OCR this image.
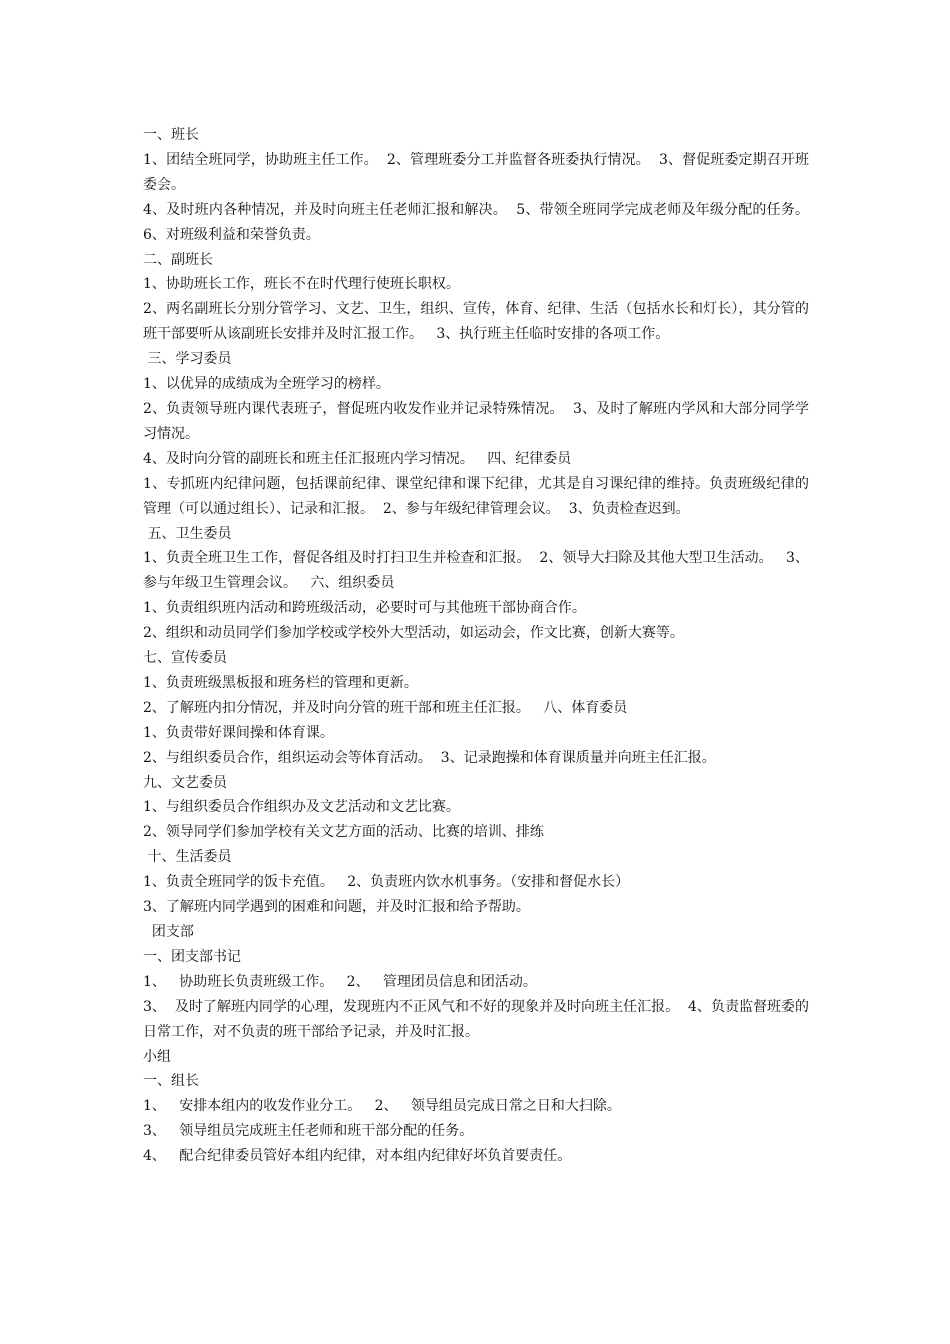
一、班长

1、团结全班同学，协助班主任工作。  2、管理班委分工并监督各班委执行情况。  3、督促班委定期召开班委会。

4、及时班内各种情况，并及时向班主任老师汇报和解决。  5、带领全班同学完成老师及年级分配的任务。   6、对班级利益和荣誉负责。

二、副班长

1、协助班长工作，班长不在时代理行使班长职权。

2、两名副班长分别分管学习、文艺、卫生，组织、宣传，体育、纪律、生活（包括水长和灯长），其分管的班干部要听从该副班长安排并及时汇报工作。   3、执行班主任临时安排的各项工作。

三、学习委员

1、以优异的成绩成为全班学习的榜样。

2、负责领导班内课代表班子，督促班内收发作业并记录特殊情况。  3、及时了解班内学风和大部分同学学习情况。

4、及时向分管的副班长和班主任汇报班内学习情况。   四、纪律委员

1、专抓班内纪律问题，包括课前纪律、课堂纪律和课下纪律，尤其是自习课纪律的维持。负责班级纪律的管理（可以通过组长）、记录和汇报。  2、参与年级纪律管理会议。  3、负责检查迟到。

五、卫生委员

1、负责全班卫生工作，督促各组及时打扫卫生并检查和汇报。  2、领导大扫除及其他大型卫生活动。   3、参与年级卫生管理会议。   六、组织委员

1、负责组织班内活动和跨班级活动，必要时可与其他班干部协商合作。

2、组织和动员同学们参加学校或学校外大型活动，如运动会，作文比赛，创新大赛等。

七、宣传委员

1、负责班级黑板报和班务栏的管理和更新。

2、了解班内扣分情况，并及时向分管的班干部和班主任汇报。   八、体育委员

1、负责带好课间操和体育课。

2、与组织委员合作，组织运动会等体育活动。  3、记录跑操和体育课质量并向班主任汇报。

九、文艺委员

1、与组织委员合作组织办及文艺活动和文艺比赛。

2、领导同学们参加学校有关文艺方面的活动、比赛的培训、排练

十、生活委员

1、负责全班同学的饭卡充值。   2、负责班内饮水机事务。（安排和督促水长）

3、了解班内同学遇到的困难和问题，并及时汇报和给予帮助。

团支部

一、团支部书记

1、   协助班长负责班级工作。   2、   管理团员信息和团活动。

3、  及时了解班内同学的心理，发现班内不正风气和不好的现象并及时向班主任汇报。  4、负责监督班委的日常工作，对不负责的班干部给予记录，并及时汇报。

小组

一、组长

1、   安排本组内的收发作业分工。   2、   领导组员完成日常之日和大扫除。

3、   领导组员完成班主任老师和班干部分配的任务。

4、   配合纪律委员管好本组内纪律，对本组内纪律好坏负首要责任。
